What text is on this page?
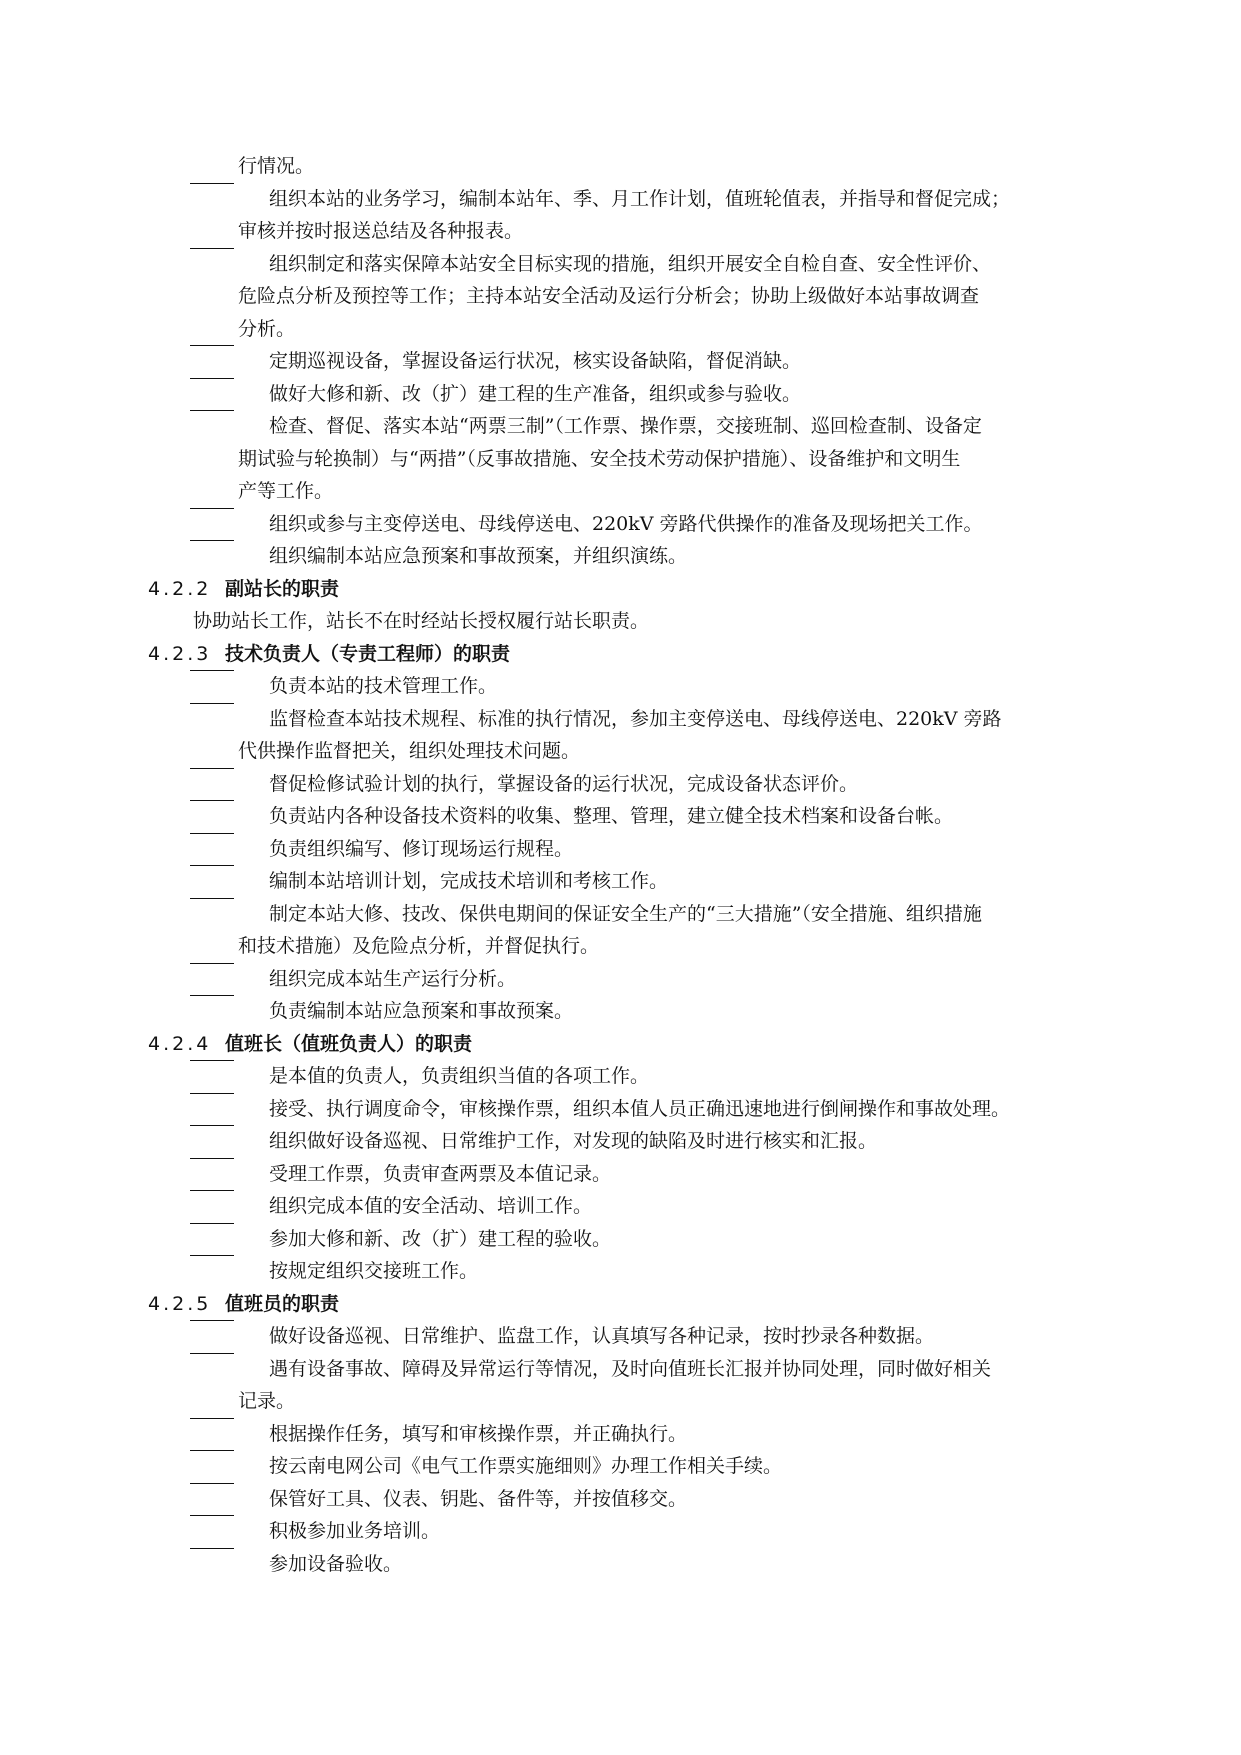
行情况。
组织本站的业务学习，编制本站年、季、月工作计划，值班轮值表，并指导和督促完成；
审核并按时报送总结及各种报表。
组织制定和落实保障本站安全目标实现的措施，组织开展安全自检自查、安全性评价、
危险点分析及预控等工作；主持本站安全活动及运行分析会；协助上级做好本站事故调查
分析。
定期巡视设备，掌握设备运行状况，核实设备缺陷，督促消缺。
做好大修和新、改（扩）建工程的生产准备，组织或参与验收。
检查、督促、落实本站“两票三制”（工作票、操作票，交接班制、巡回检查制、设备定
期试验与轮换制）与“两措”（反事故措施、安全技术劳动保护措施）、设备维护和文明生
产等工作。
组织或参与主变停送电、母线停送电、220kV 旁路代供操作的准备及现场把关工作。
组织编制本站应急预案和事故预案，并组织演练。
4.2.2 副站长的职责
协助站长工作，站长不在时经站长授权履行站长职责。
4.2.3 技术负责人（专责工程师）的职责
负责本站的技术管理工作。
监督检查本站技术规程、标准的执行情况，参加主变停送电、母线停送电、220kV 旁路
代供操作监督把关，组织处理技术问题。
督促检修试验计划的执行，掌握设备的运行状况，完成设备状态评价。
负责站内各种设备技术资料的收集、整理、管理，建立健全技术档案和设备台帐。
负责组织编写、修订现场运行规程。
编制本站培训计划，完成技术培训和考核工作。
制定本站大修、技改、保供电期间的保证安全生产的“三大措施”（安全措施、组织措施
和技术措施）及危险点分析，并督促执行。
组织完成本站生产运行分析。
负责编制本站应急预案和事故预案。
4.2.4 值班长（值班负责人）的职责
是本值的负责人，负责组织当值的各项工作。
接受、执行调度命令，审核操作票，组织本值人员正确迅速地进行倒闸操作和事故处理。
组织做好设备巡视、日常维护工作，对发现的缺陷及时进行核实和汇报。
受理工作票，负责审查两票及本值记录。
组织完成本值的安全活动、培训工作。
参加大修和新、改（扩）建工程的验收。
按规定组织交接班工作。
4.2.5 值班员的职责
做好设备巡视、日常维护、监盘工作，认真填写各种记录，按时抄录各种数据。
遇有设备事故、障碍及异常运行等情况，及时向值班长汇报并协同处理，同时做好相关
记录。
根据操作任务，填写和审核操作票，并正确执行。
按云南电网公司《电气工作票实施细则》办理工作相关手续。
保管好工具、仪表、钥匙、备件等，并按值移交。
积极参加业务培训。
参加设备验收。
